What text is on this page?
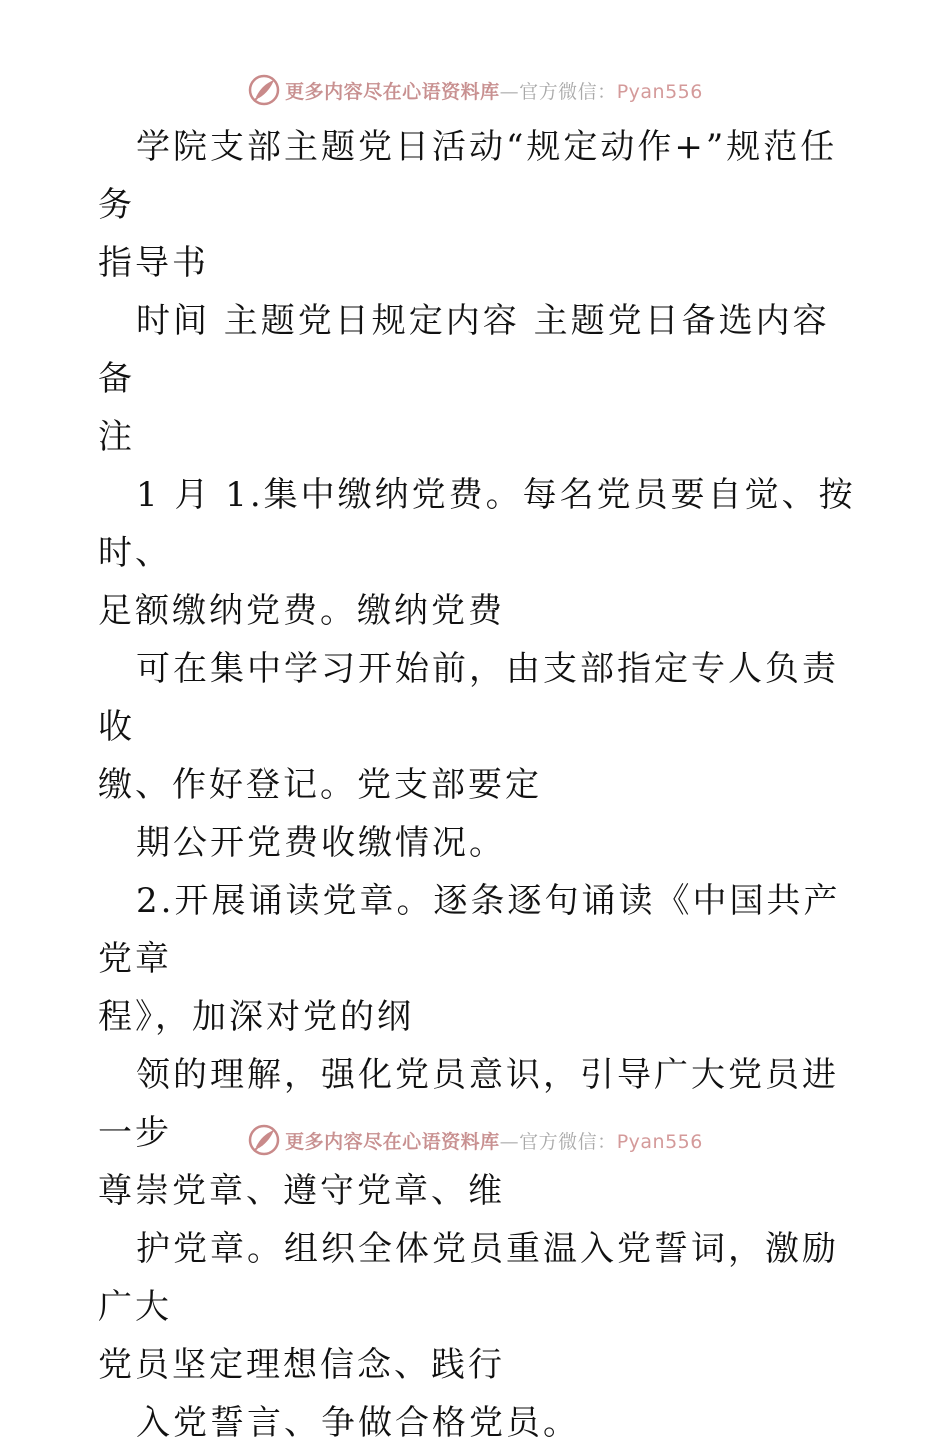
更多内容尽在心语资料库—官方微信：Pyan556

学院支部主题党日活动“规定动作+”规范任务
指导书

时间 主题党日规定内容 主题党日备选内容 备
注

1 月 1.集中缴纳党费。每名党员要自觉、按时、
足额缴纳党费。缴纳党费

可在集中学习开始前，由支部指定专人负责收
缴、作好登记。党支部要定

期公开党费收缴情况。

2.开展诵读党章。逐条逐句诵读《中国共产党章
程》，加深对党的纲

领的理解，强化党员意识，引导广大党员进一步
尊崇党章、遵守党章、维

护党章。组织全体党员重温入党誓词，激励广大
党员坚定理想信念、践行

入党誓言、争做合格党员。

更多内容尽在心语资料库—官方微信：Pyan556
